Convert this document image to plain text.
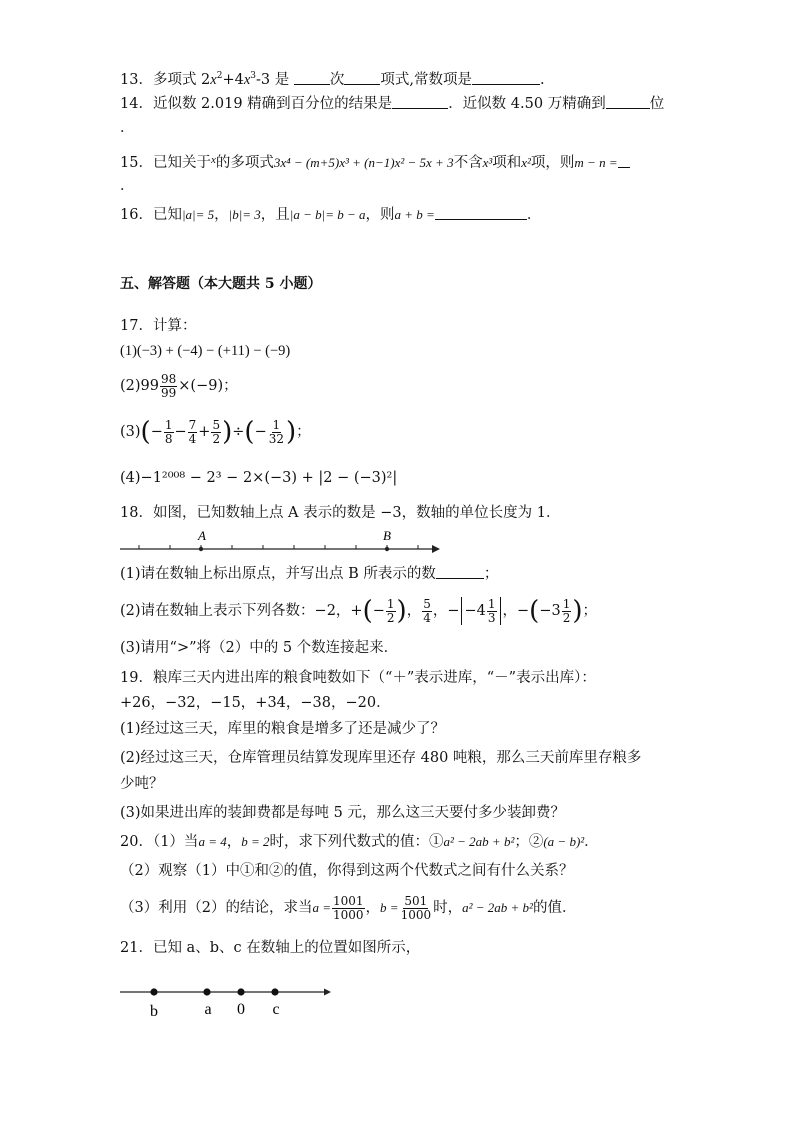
13．多项式 $2x^2+4x^3-3$ 是	次 项式,常数项是	.
14．近似数 2.019 精确到百分位的结果是	．近似数 4.50 万精确到	位
．
15．已知关于$^x$的多项式3x⁴ − (m+5)x³ + (n−1)x² − 5x + 3不含x³项和x²项，则m − n =
．
16．已知|a|= 5，|b|= 3，且|a − b|= b − a，则a + b =	．
五、解答题（本大题共 5 小题）
17．计算：
(1)(−3) + (−4) − (+11) − (−9)
$(2)99 \frac{98}{99} \times(-9)$；
$(3)(- \frac{1}{8} - \frac{7}{4} + \frac{5}{2}$ )÷(− $\frac{1}{32}$ )；
(4)−1²⁰⁰⁸ − 2³ − 2×(−3) + |2 − (−3)²|
18．如图，已知数轴上点 A 表示的数是 −3，数轴的单位长度为 1．
A	B
(1)请在数轴上标出原点，并写出点 B 所表示的数	；
(2)请在数轴上表示下列各数：−2，+(− $\frac{1}{2}$ )， $\frac{5}{4}$ ，− $-4 \frac{1}{3}$ ，$-(-3 \frac{1}{2}$ )；
(3)请用“>”将（2）中的 5 个数连接起来．
19．粮库三天内进出库的粮食吨数如下（“＋”表示进库，“－”表示出库）：
+26，−32，−15，+34，−38，−20．
(1)经过这三天，库里的粮食是增多了还是减少了？
(2)经过这三天，仓库管理员结算发现库里还存 480 吨粮，那么三天前库里存粮多
少吨？
(3)如果进出库的装卸费都是每吨 5 元，那么这三天要付多少装卸费？
20．（1）当a = 4，b = 2时，求下列代数式的值：①a² − 2ab + b²；②(a − b)²．
（2）观察（1）中①和②的值，你得到这两个代数式之间有什么关系？
（3）利用（2）的结论，求当$a = \frac{1001}{1000}$ ，$b = \frac{501}{1000}$ 时，a² − 2ab + b²的值．
21．已知 a、b、c 在数轴上的位置如图所示，
b	a 0 c
